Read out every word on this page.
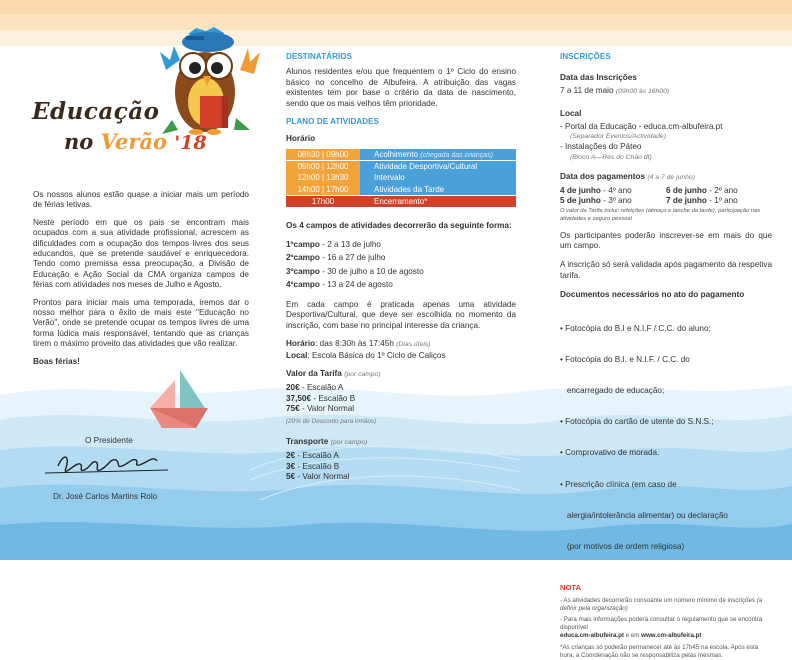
Educação
no Verão '18

Os nossos alunos estão quase a iniciar mais um período de férias letivas.

Neste período em que os pais se encontram mais ocupados com a sua atividade profissional, acrescem as dificuldades com a ocupação dos tempos livres dos seus educandos, que se pretende saudável e enriquecedora. Tendo como premissa essa preocupação, a Divisão de Educação e Ação Social da CMA organiza campos de férias com atividades nos meses de Julho e Agosto.

Prontos para iniciar mais uma temporada, iremos dar o nosso melhor para o êxito de mais este "Educação no Verão", onde se pretende ocupar os tempos livres de uma forma lúdica mais responsável, tentando que as crianças tirem o máximo proveito das atividades que vão realizar.

Boas férias!

O Presidente
Dr. José Carlos Martins Rolo
DESTINATÁRIOS
Alunos residentes e/ou que frequentem o 1º Ciclo do ensino básico no concelho de Albufeira. A atribuição das vagas existentes tem por base o critério da data de nascimento, sendo que os mais velhos têm prioridade.
PLANO DE ATIVIDADES
Horário
08h30 | 09h00	Acolhimento (chegada das crianças)
09h00 | 12h00	Atividade Desportiva/Cultural
12h00 | 13h30	Intervalo
14h00 | 17h00	Atividades da Tarde
17h00	Encerramento*
Os 4 campos de atividades decorrerão da seguinte forma:
1ºcampo - 2 a 13 de julho
2ºcampo - 16 a 27 de julho
3ºcampo - 30 de julho a 10 de agosto
4ºcampo - 13 a 24 de agosto
Em cada campo é praticada apenas uma atividade Desportiva/Cultural, que deve ser escolhida no momento da inscrição, com base no principal interesse da criança.
Horário: das 8:30h às 17:45h (Dias úteis)
Local: Escola Básica do 1º Ciclo de Caliços
Valor da Tarifa (por campo)
20€ - Escalão A
37,50€ - Escalão B
75€ - Valor Normal
(20% de Desconto para irmãos)
Transporte (por campo)
2€ - Escalão A
3€ - Escalão B
5€ - Valor Normal
INSCRIÇÕES
Data das Inscrições
7 a 11 de maio (09h00 às 16h00)
Local
- Portal da Educação - educa.cm-albufeira.pt
(Separador Eventos/Actividade)
- Instalações do Páteo
(Bloco A—Rés do Chão dt)
Data dos pagamentos (4 a 7 de junho)
4 de junho - 4º ano	6 de junho - 2º ano
5 de junho - 3º ano	7 de junho - 1º ano
O valor da Tarifa inclui: refeições (almoço e lanche da tarde), participação nas atividades e seguro pessoal
Os participantes poderão inscrever-se em mais do que um campo.
A inscrição só será validada após pagamento da respetiva tarifa.
Documentos necessários no ato do pagamento

• Fotocópia do B.I e N.I.F / C.C. do aluno;

• Fotocópia do B.I. e N.I.F. / C.C. do

encarregado de educação;

• Fotocópia do cartão de utente do S.N.S.;

• Comprovativo de morada.

• Prescrição clínica (em caso de

alergia/intolerância alimentar) ou declaração

(por motivos de ordem religiosa)

NOTA
- As atividades decorrerão consoante um número mínimo de inscrições (a definir pela organização)
- Para mais informações poderá consultar o regulamento que se encontra disponível
educa.cm-albufeira.pt e em www.cm-albufeira.pt
*As crianças só poderão permanecer até às 17h45 na escola. Após esta hora, a Coordenação não se responsabiliza pelas mesmas.
